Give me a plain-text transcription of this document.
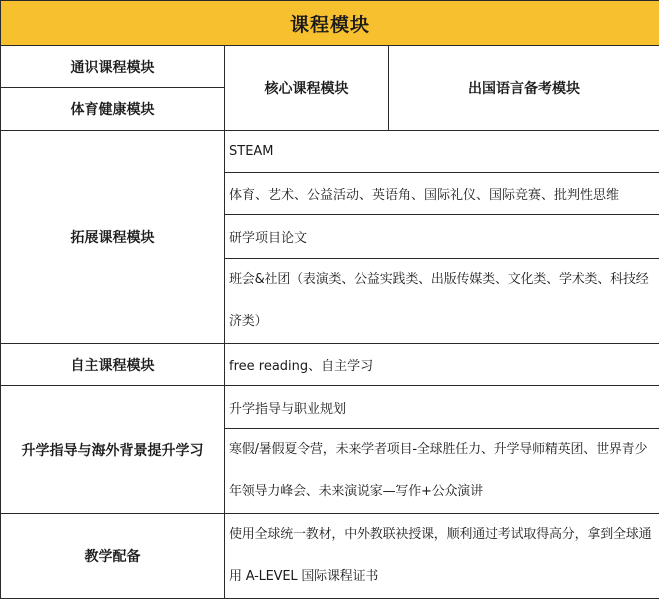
课程模块		
通识课程模块	核心课程模块	出国语言备考模块
体育健康模块		
拓展课程模块	STEAM	
	体育、艺术、公益活动、英语角、国际礼仪、国际竞赛、批判性思维	
	研学项目论文	
	班会&社团（表演类、公益实践类、出版传媒类、文化类、学术类、科技经济类）	
自主课程模块	free reading、自主学习	
升学指导与海外背景提升学习	升学指导与职业规划	
	寒假/暑假夏令营，未来学者项目-全球胜任力、升学导师精英团、世界青少年领导力峰会、未来演说家—写作+公众演讲	
教学配备	使用全球统一教材，中外教联袂授课，顺利通过考试取得高分，拿到全球通用 A-LEVEL 国际课程证书	
